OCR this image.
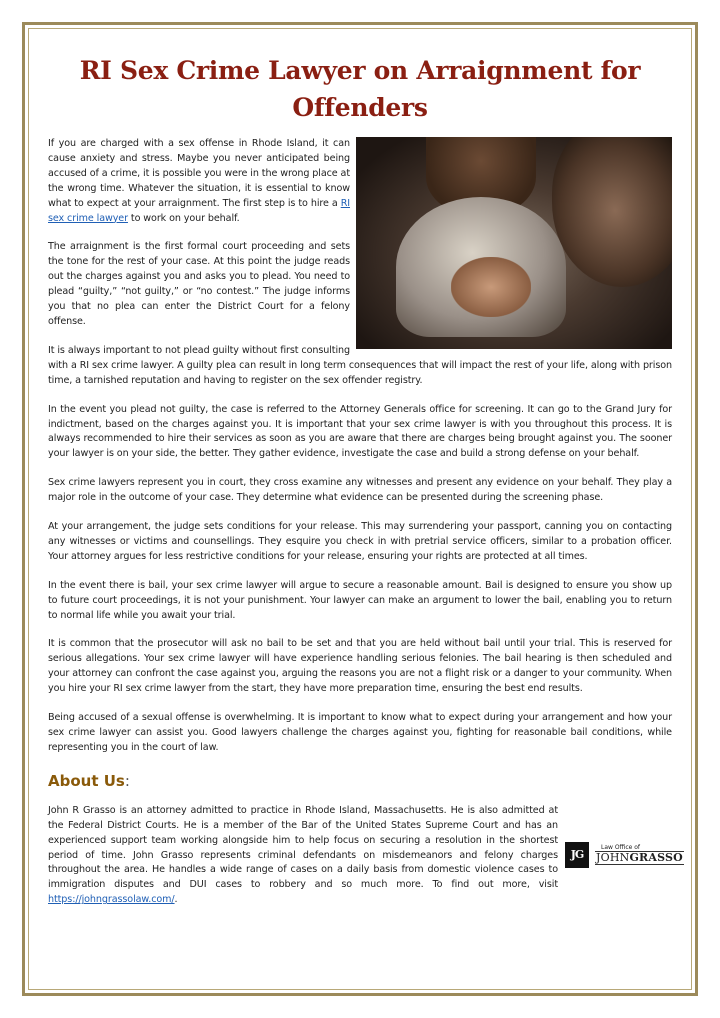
RI Sex Crime Lawyer on Arraignment for Offenders

If you are charged with a sex offense in Rhode Island, it can cause anxiety and stress. Maybe you never anticipated being accused of a crime, it is possible you were in the wrong place at the wrong time. Whatever the situation, it is essential to know what to expect at your arraignment. The first step is to hire a RI sex crime lawyer to work on your behalf.

The arraignment is the first formal court proceeding and sets the tone for the rest of your case. At this point the judge reads out the charges against you and asks you to plead. You need to plead “guilty,” “not guilty,” or “no contest.” The judge informs you that no plea can enter the District Court for a felony offense.

It is always important to not plead guilty without first consulting with a RI sex crime lawyer. A guilty plea can result in long term consequences that will impact the rest of your life, along with prison time, a tarnished reputation and having to register on the sex offender registry.

In the event you plead not guilty, the case is referred to the Attorney Generals office for screening. It can go to the Grand Jury for indictment, based on the charges against you. It is important that your sex crime lawyer is with you throughout this process. It is always recommended to hire their services as soon as you are aware that there are charges being brought against you. The sooner your lawyer is on your side, the better. They gather evidence, investigate the case and build a strong defense on your behalf.

Sex crime lawyers represent you in court, they cross examine any witnesses and present any evidence on your behalf. They play a major role in the outcome of your case. They determine what evidence can be presented during the screening phase.

At your arrangement, the judge sets conditions for your release. This may surrendering your passport, canning you on contacting any witnesses or victims and counsellings. They esquire you check in with pretrial service officers, similar to a probation officer. Your attorney argues for less restrictive conditions for your release, ensuring your rights are protected at all times.

In the event there is bail, your sex crime lawyer will argue to secure a reasonable amount. Bail is designed to ensure you show up to future court proceedings, it is not your punishment. Your lawyer can make an argument to lower the bail, enabling you to return to normal life while you await your trial.

It is common that the prosecutor will ask no bail to be set and that you are held without bail until your trial. This is reserved for serious allegations. Your sex crime lawyer will have experience handling serious felonies. The bail hearing is then scheduled and your attorney can confront the case against you, arguing the reasons you are not a flight risk or a danger to your community. When you hire your RI sex crime lawyer from the start, they have more preparation time, ensuring the best end results.

Being accused of a sexual offense is overwhelming. It is important to know what to expect during your arrangement and how your sex crime lawyer can assist you. Good lawyers challenge the charges against you, fighting for reasonable bail conditions, while representing you in the court of law.

About Us:

John R Grasso is an attorney admitted to practice in Rhode Island, Massachusetts. He is also admitted at the Federal District Courts. He is a member of the Bar of the United States Supreme Court and has an experienced support team working alongside him to help focus on securing a resolution in the shortest period of time. John Grasso represents criminal defendants on misdemeanors and felony charges throughout the area. He handles a wide range of cases on a daily basis from domestic violence cases to immigration disputes and DUI cases to robbery and so much more. To find out more, visit https://johngrassolaw.com/.

JG
Law Office of
JOHNGRASSO
